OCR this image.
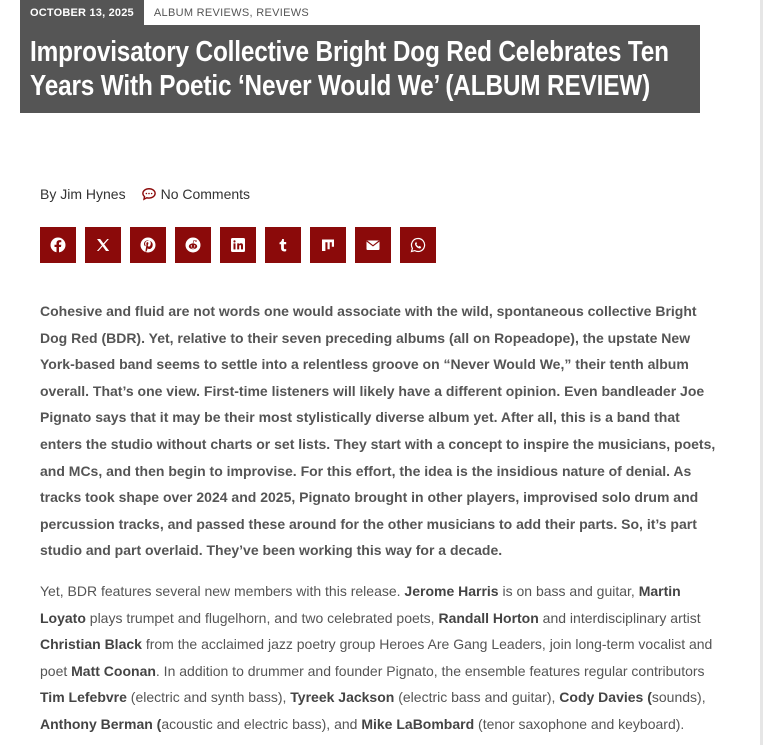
OCTOBER 13, 2025	ALBUM REVIEWS, REVIEWS
Improvisatory Collective Bright Dog Red Celebrates Ten Years With Poetic ‘Never Would We’ (ALBUM REVIEW)
By Jim Hynes	No Comments

Cohesive and fluid are not words one would associate with the wild, spontaneous collective Bright Dog Red (BDR). Yet, relative to their seven preceding albums (all on Ropeadope), the upstate New York-based band seems to settle into a relentless groove on “Never Would We,” their tenth album overall. That’s one view. First-time listeners will likely have a different opinion. Even bandleader Joe Pignato says that it may be their most stylistically diverse album yet. After all, this is a band that enters the studio without charts or set lists. They start with a concept to inspire the musicians, poets, and MCs, and then begin to improvise. For this effort, the idea is the insidious nature of denial. As tracks took shape over 2024 and 2025, Pignato brought in other players, improvised solo drum and percussion tracks, and passed these around for the other musicians to add their parts. So, it’s part studio and part overlaid. They’ve been working this way for a decade.

Yet, BDR features several new members with this release. Jerome Harris is on bass and guitar, Martin Loyato plays trumpet and flugelhorn, and two celebrated poets, Randall Horton and interdisciplinary artist Christian Black from the acclaimed jazz poetry group Heroes Are Gang Leaders, join long-term vocalist and poet Matt Coonan. In addition to drummer and founder Pignato, the ensemble features regular contributors Tim Lefebvre (electric and synth bass), Tyreek Jackson (electric bass and guitar), Cody Davies (sounds), Anthony Berman (acoustic and electric bass), and Mike LaBombard (tenor saxophone and keyboard).
